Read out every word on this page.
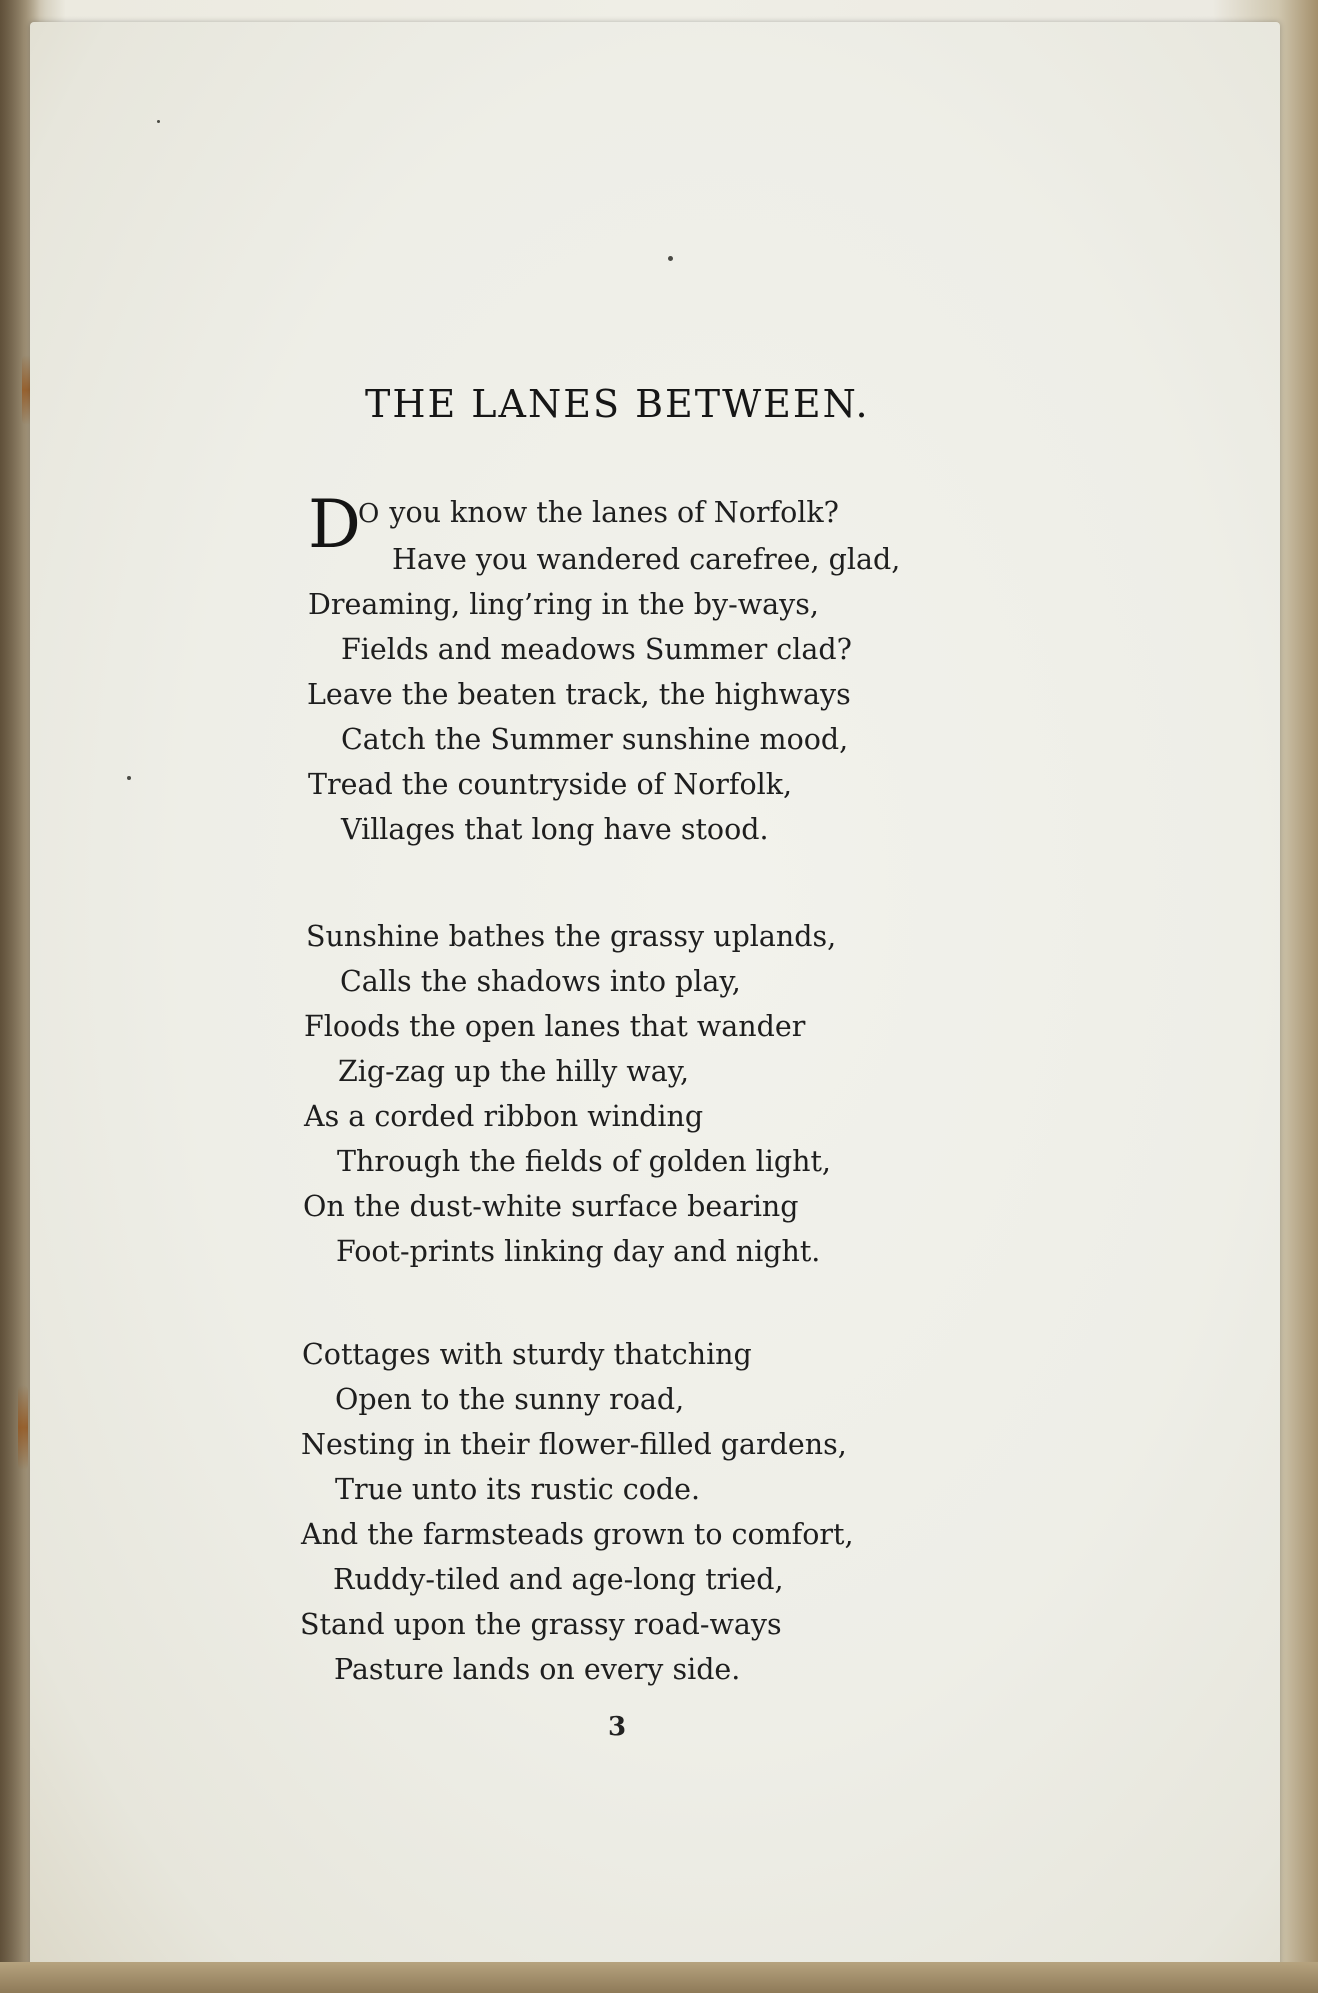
THE LANES BETWEEN.
D
O you know the lanes of Norfolk?
Have you wandered carefree, glad,
Dreaming, ling’ring in the by-ways,
Fields and meadows Summer clad?
Leave the beaten track, the highways
Catch the Summer sunshine mood,
Tread the countryside of Norfolk,
Villages that long have stood.
Sunshine bathes the grassy uplands,
Calls the shadows into play,
Floods the open lanes that wander
Zig-zag up the hilly way,
As a corded ribbon winding
Through the fields of golden light,
On the dust-white surface bearing
Foot-prints linking day and night.
Cottages with sturdy thatching
Open to the sunny road,
Nesting in their flower-filled gardens,
True unto its rustic code.
And the farmsteads grown to comfort,
Ruddy-tiled and age-long tried,
Stand upon the grassy road-ways
Pasture lands on every side.
3
